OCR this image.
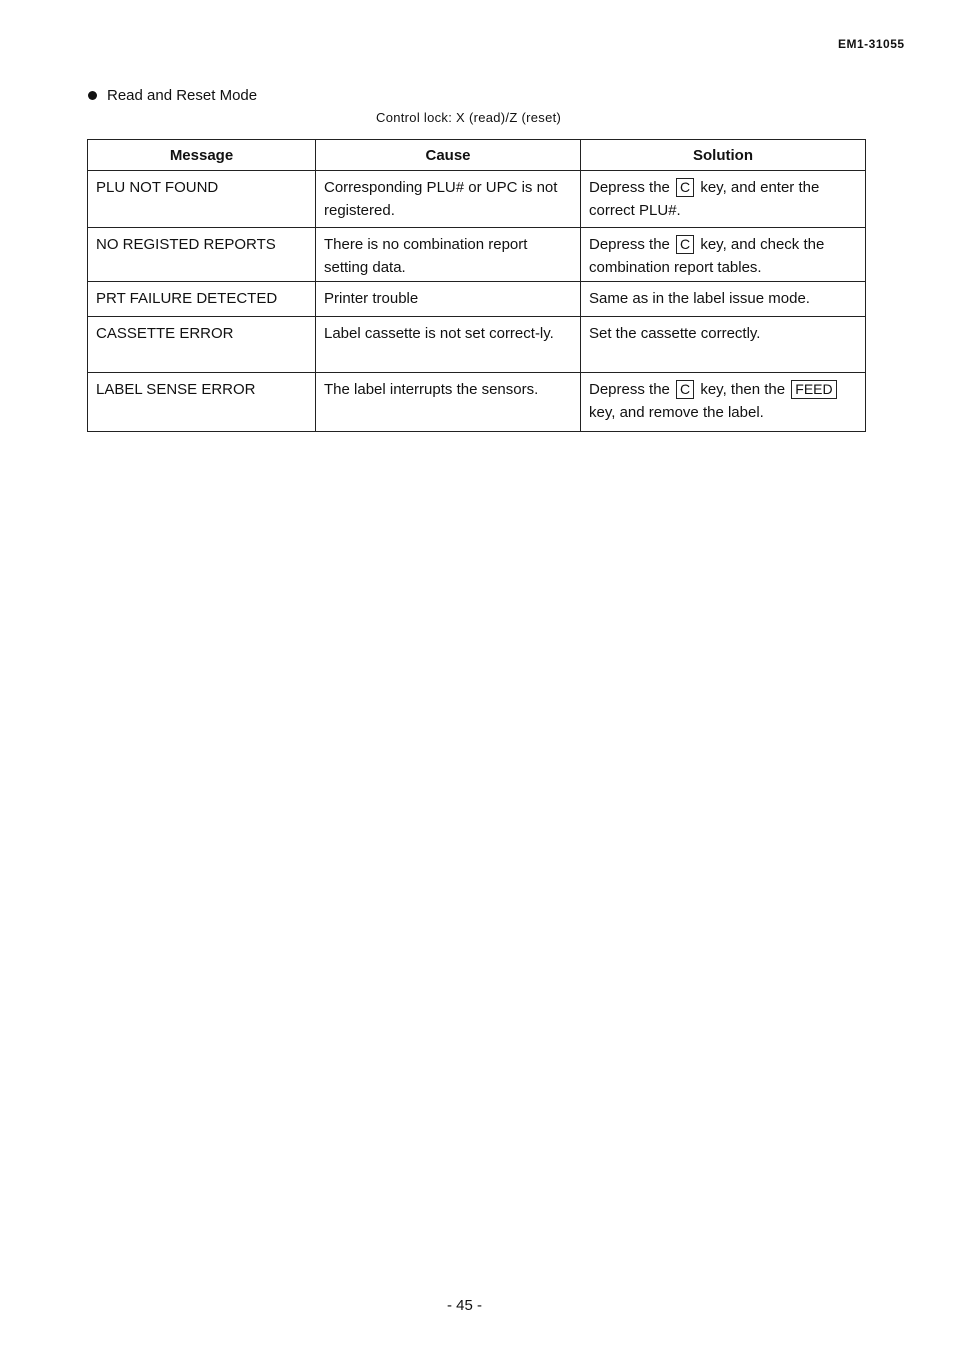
EM1-31055
Read and Reset Mode
Control lock: X (read)/Z (reset)
Message	Cause	Solution
PLU NOT FOUND	Corresponding PLU# or UPC is not registered.	Depress the C key, and enter the correct PLU#.
NO REGISTED REPORTS	There is no combination report setting data.	Depress the C key, and check the combination report tables.
PRT FAILURE DETECTED	Printer trouble	Same as in the label issue mode.
CASSETTE ERROR	Label cassette is not set correct-ly.	Set the cassette correctly.
LABEL SENSE ERROR	The label interrupts the sensors.	Depress the C key, then the FEED key, and remove the label.
- 45 -
